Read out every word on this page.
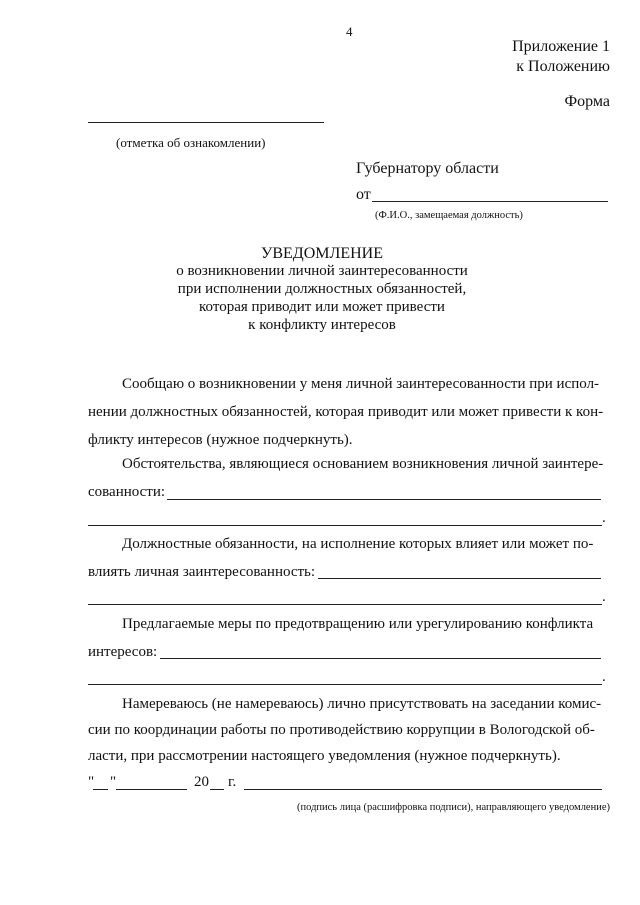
4
Приложение 1
к Положению
Форма
(отметка об ознакомлении)
Губернатору области
от
(Ф.И.О., замещаемая должность)
УВЕДОМЛЕНИЕ
о возникновении личной заинтересованности
при исполнении должностных обязанностей,
которая приводит или может привести
к конфликту интересов
Сообщаю о возникновении у меня личной заинтересованности при испол-
нении должностных обязанностей, которая приводит или может привести к кон-
фликту интересов (нужное подчеркнуть).
Обстоятельства, являющиеся основанием возникновения личной заинтере-
сованности:
.
Должностные обязанности, на исполнение которых влияет или может по-
влиять личная заинтересованность:
.
Предлагаемые меры по предотвращению или урегулированию конфликта
интересов:
.
Намереваюсь (не намереваюсь) лично присутствовать на заседании комис-
сии по координации работы по противодействию коррупции в Вологодской об-
ласти, при рассмотрении настоящего уведомления (нужное подчеркнуть).
" "	20 г.
(подпись лица (расшифровка подписи), направляющего уведомление)
